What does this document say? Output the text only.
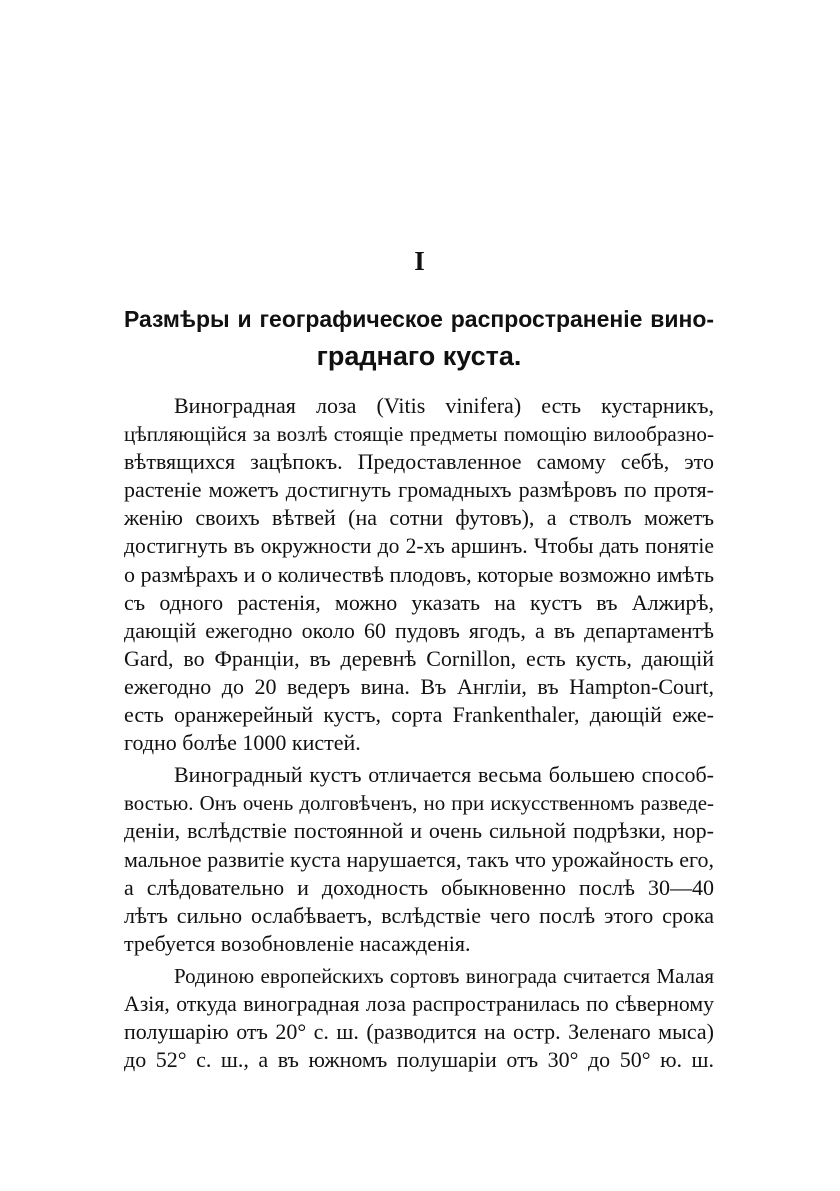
I
Размѣры и географическое распространеніе вино-
граднаго куста.
Виноградная лоза (Vitis vinifera) есть кустарникъ,
цѣпляющійся за возлѣ стоящіе предметы помощію вилообразно-
вѣтвящихся зацѣпокъ. Предоставленное самому себѣ, это
растеніе можетъ достигнуть громадныхъ размѣровъ по протя-
женію своихъ вѣтвей (на сотни футовъ), а стволъ можетъ
достигнуть въ окружности до 2-хъ аршинъ. Чтобы дать понятіе
о размѣрахъ и о количествѣ плодовъ, которые возможно имѣть
съ одного растенія, можно указать на кустъ въ Алжирѣ,
дающій ежегодно около 60 пудовъ ягодъ, а въ департаментѣ
Gard, во Франціи, въ деревнѣ Cornillon, есть кусть, дающій
ежегодно до 20 ведеръ вина. Въ Англіи, въ Hampton-Court,
есть оранжерейный кустъ, сорта Frankenthaler, дающій еже-
годно болѣе 1000 кистей.
Виноградный кустъ отличается весьма большею способ-
востью. Онъ очень долговѣченъ, но при искусственномъ разведе-
деніи, вслѣдствіе постоянной и очень сильной подрѣзки, нор-
мальное развитіе куста нарушается, такъ что урожайность его,
а слѣдовательно и доходность обыкновенно послѣ 30—40
лѣтъ сильно ослабѣваетъ, вслѣдствіе чего послѣ этого срока
требуется возобновленіе насажденія.
Родиною европейскихъ сортовъ винограда считается Малая
Азія, откуда виноградная лоза распространилась по сѣверному
полушарію отъ 20° с. ш. (разводится на остр. Зеленаго мыса)
до 52° с. ш., а въ южномъ полушаріи отъ 30° до 50° ю. ш.
